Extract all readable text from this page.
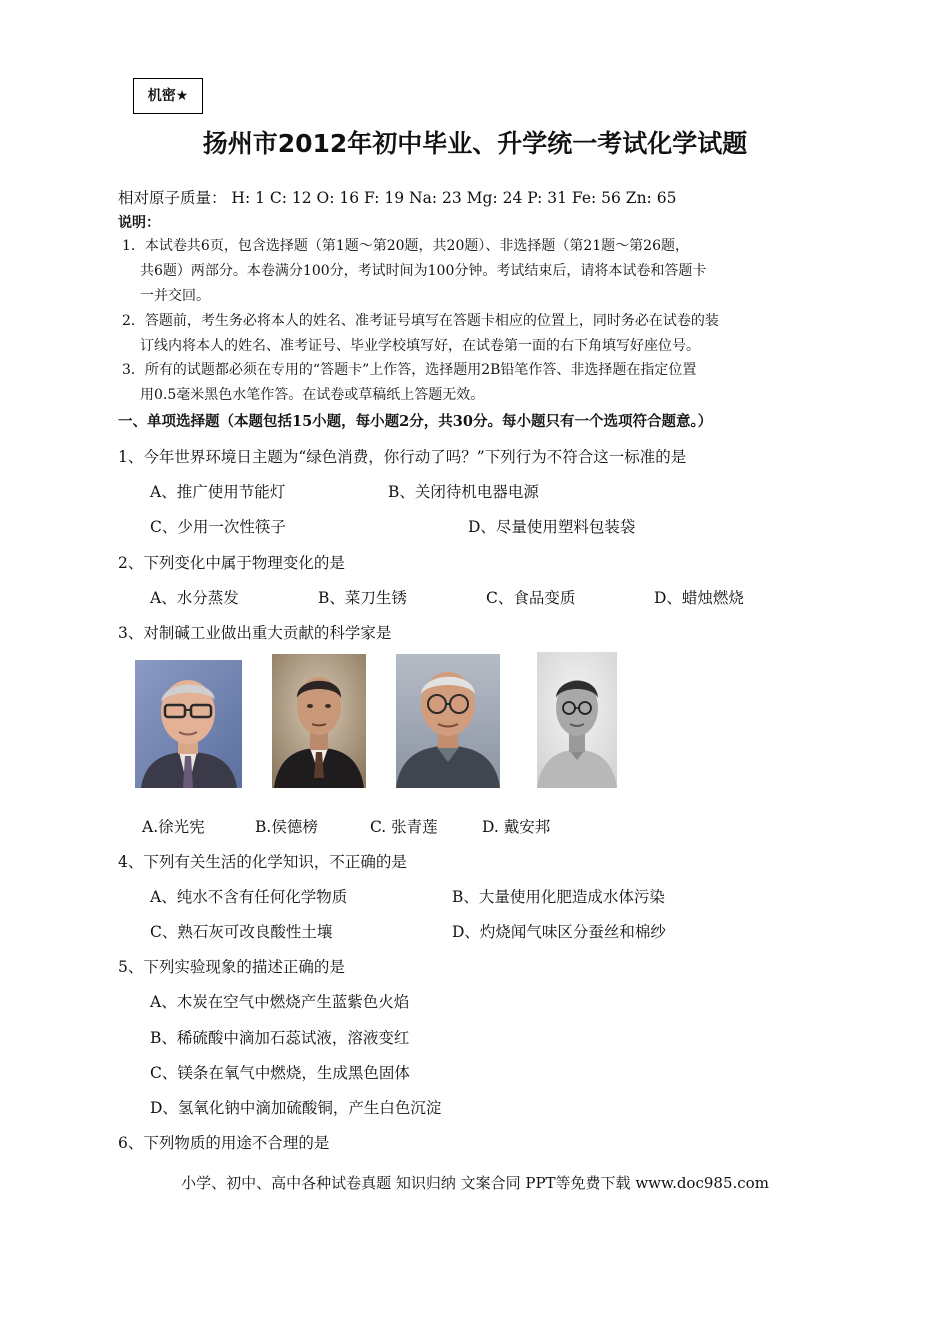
机密★
扬州市2012年初中毕业、升学统一考试化学试题
相对原子质量： H: 1 C: 12 O: 16 F: 19 Na: 23 Mg: 24 P: 31 Fe: 56 Zn: 65
说明：
1．本试卷共6页，包含选择题（第1题～第20题，共20题）、非选择题（第21题～第26题，
共6题）两部分。本卷满分100分，考试时间为100分钟。考试结束后，请将本试卷和答题卡
一并交回。
2．答题前，考生务必将本人的姓名、准考证号填写在答题卡相应的位置上，同时务必在试卷的装
订线内将本人的姓名、准考证号、毕业学校填写好，在试卷第一面的右下角填写好座位号。
3．所有的试题都必须在专用的“答题卡”上作答，选择题用2B铅笔作答、非选择题在指定位置
用0.5毫米黑色水笔作答。在试卷或草稿纸上答题无效。
一、单项选择题（本题包括15小题，每小题2分，共30分。每小题只有一个选项符合题意。）
1、今年世界环境日主题为“绿色消费，你行动了吗？”下列行为不符合这一标准的是
A、推广使用节能灯	B、关闭待机电器电源
C、少用一次性筷子	D、尽量使用塑料包装袋
2、下列变化中属于物理变化的是
A、水分蒸发	B、菜刀生锈	C、食品变质	D、蜡烛燃烧
3、对制碱工业做出重大贡献的科学家是
A.徐光宪	B.侯德榜	C. 张青莲	D. 戴安邦
4、下列有关生活的化学知识，不正确的是
A、纯水不含有任何化学物质	B、大量使用化肥造成水体污染
C、熟石灰可改良酸性土壤	D、灼烧闻气味区分蚕丝和棉纱
5、下列实验现象的描述正确的是
A、木炭在空气中燃烧产生蓝紫色火焰
B、稀硫酸中滴加石蕊试液，溶液变红
C、镁条在氧气中燃烧，生成黑色固体
D、氢氧化钠中滴加硫酸铜，产生白色沉淀
6、下列物质的用途不合理的是
小学、初中、高中各种试卷真题 知识归纳 文案合同 PPT等免费下载 www.doc985.com
